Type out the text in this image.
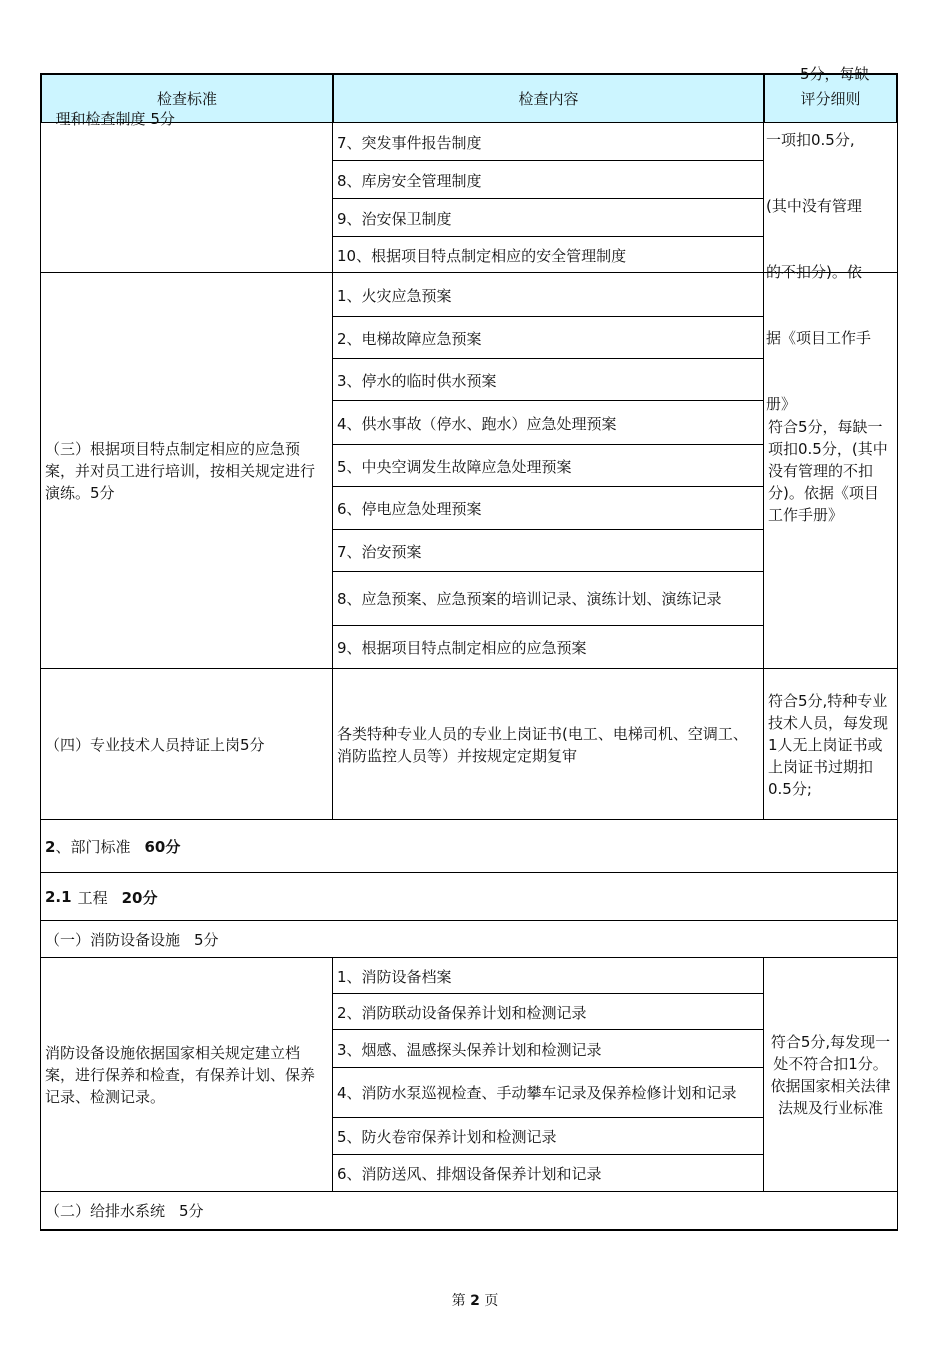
检查标准	检查内容	评分细则
7、突发事件报告制度
8、库房安全管理制度
9、治安保卫制度
10、根据项目特点制定相应的安全管理制度
（三）根据项目特点制定相应的应急预案，并对员工进行培训，按相关规定进行演练。5分
1、火灾应急预案
2、电梯故障应急预案
3、停水的临时供水预案
4、供水事故（停水、跑水）应急处理预案
5、中央空调发生故障应急处理预案
6、停电应急处理预案
7、治安预案
8、应急预案、应急预案的培训记录、演练计划、演练记录
9、根据项目特点制定相应的应急预案
符合5分，每缺一项扣0.5分，(其中没有管理的不扣分)。依据《项目工作手册》
（四）专业技术人员持证上岗5分
各类特种专业人员的专业上岗证书(电工、电梯司机、空调工、消防监控人员等）并按规定定期复审
符合5分,特种专业技术人员，每发现1人无上岗证书或上岗证书过期扣0.5分;
2 、部门标准 60分
2.1 工程 20分
（一）消防设备设施 5分
消防设备设施依据国家相关规定建立档案，进行保养和检查，有保养计划、保养记录、检测记录。
1、消防设备档案
2、消防联动设备保养计划和检测记录
3、烟感、温感探头保养计划和检测记录
4、消防水泵巡视检查、手动攀车记录及保养检修计划和记录
5、防火卷帘保养计划和检测记录
6、消防送风、排烟设备保养计划和记录
符合5分,每发现一处不符合扣1分。依据国家相关法律法规及行业标准
（二）给排水系统 5分

理和检查制度 5分

5分，每缺

一项扣0.5分,

(其中没有管理

的不扣分)。依

据《项目工作手

册》

第 2 页
